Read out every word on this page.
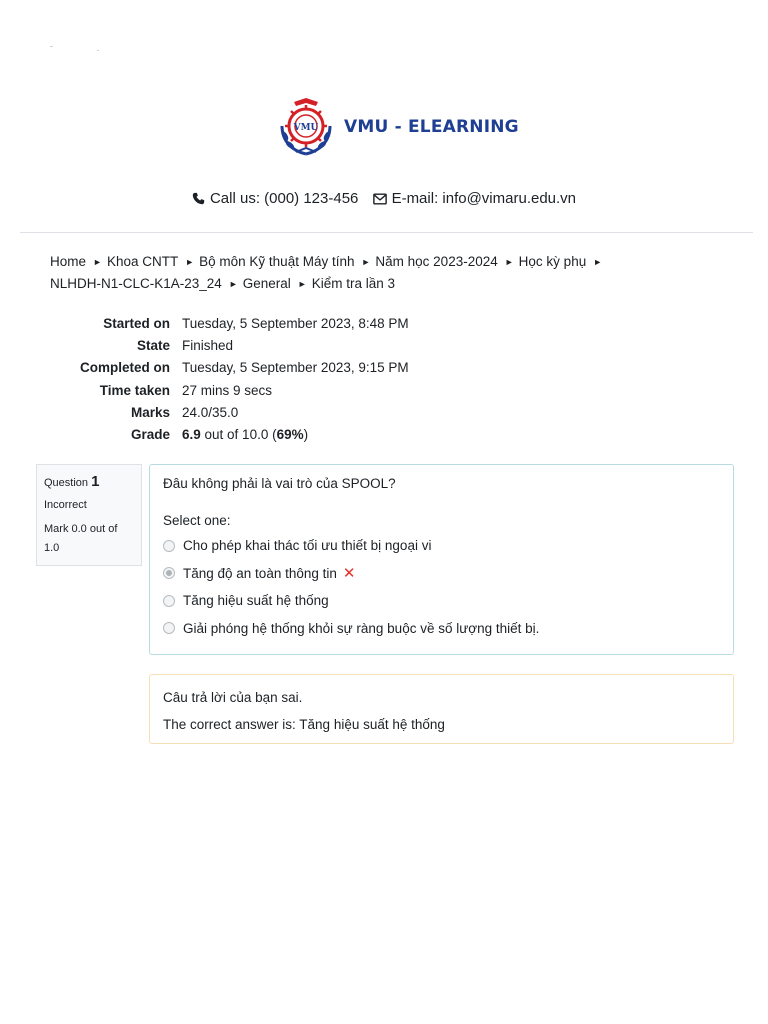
VMU VMU - ELEARNING
Call us: (000) 123-456 E-mail: info@vimaru.edu.vn
Home ► Khoa CNTT ► Bộ môn Kỹ thuật Máy tính ► Năm học 2023-2024 ► Học kỳ phụ ►
NLHDH-N1-CLC-K1A-23_24 ► General ► Kiểm tra lần 3
Started on	Tuesday, 5 September 2023, 8:48 PM
State	Finished
Completed on	Tuesday, 5 September 2023, 9:15 PM
Time taken	27 mins 9 secs
Marks	24.0/35.0
Grade	6.9 out of 10.0 (69%)
Question 1
Incorrect
Mark 0.0 out of 1.0
Đâu không phải là vai trò của SPOOL?
Select one:
Cho phép khai thác tối ưu thiết bị ngoại vi
Tăng độ an toàn thông tin ✕
Tăng hiệu suất hệ thống
Giải phóng hệ thống khỏi sự ràng buộc về số lượng thiết bị.
Câu trả lời của bạn sai.
The correct answer is: Tăng hiệu suất hệ thống
